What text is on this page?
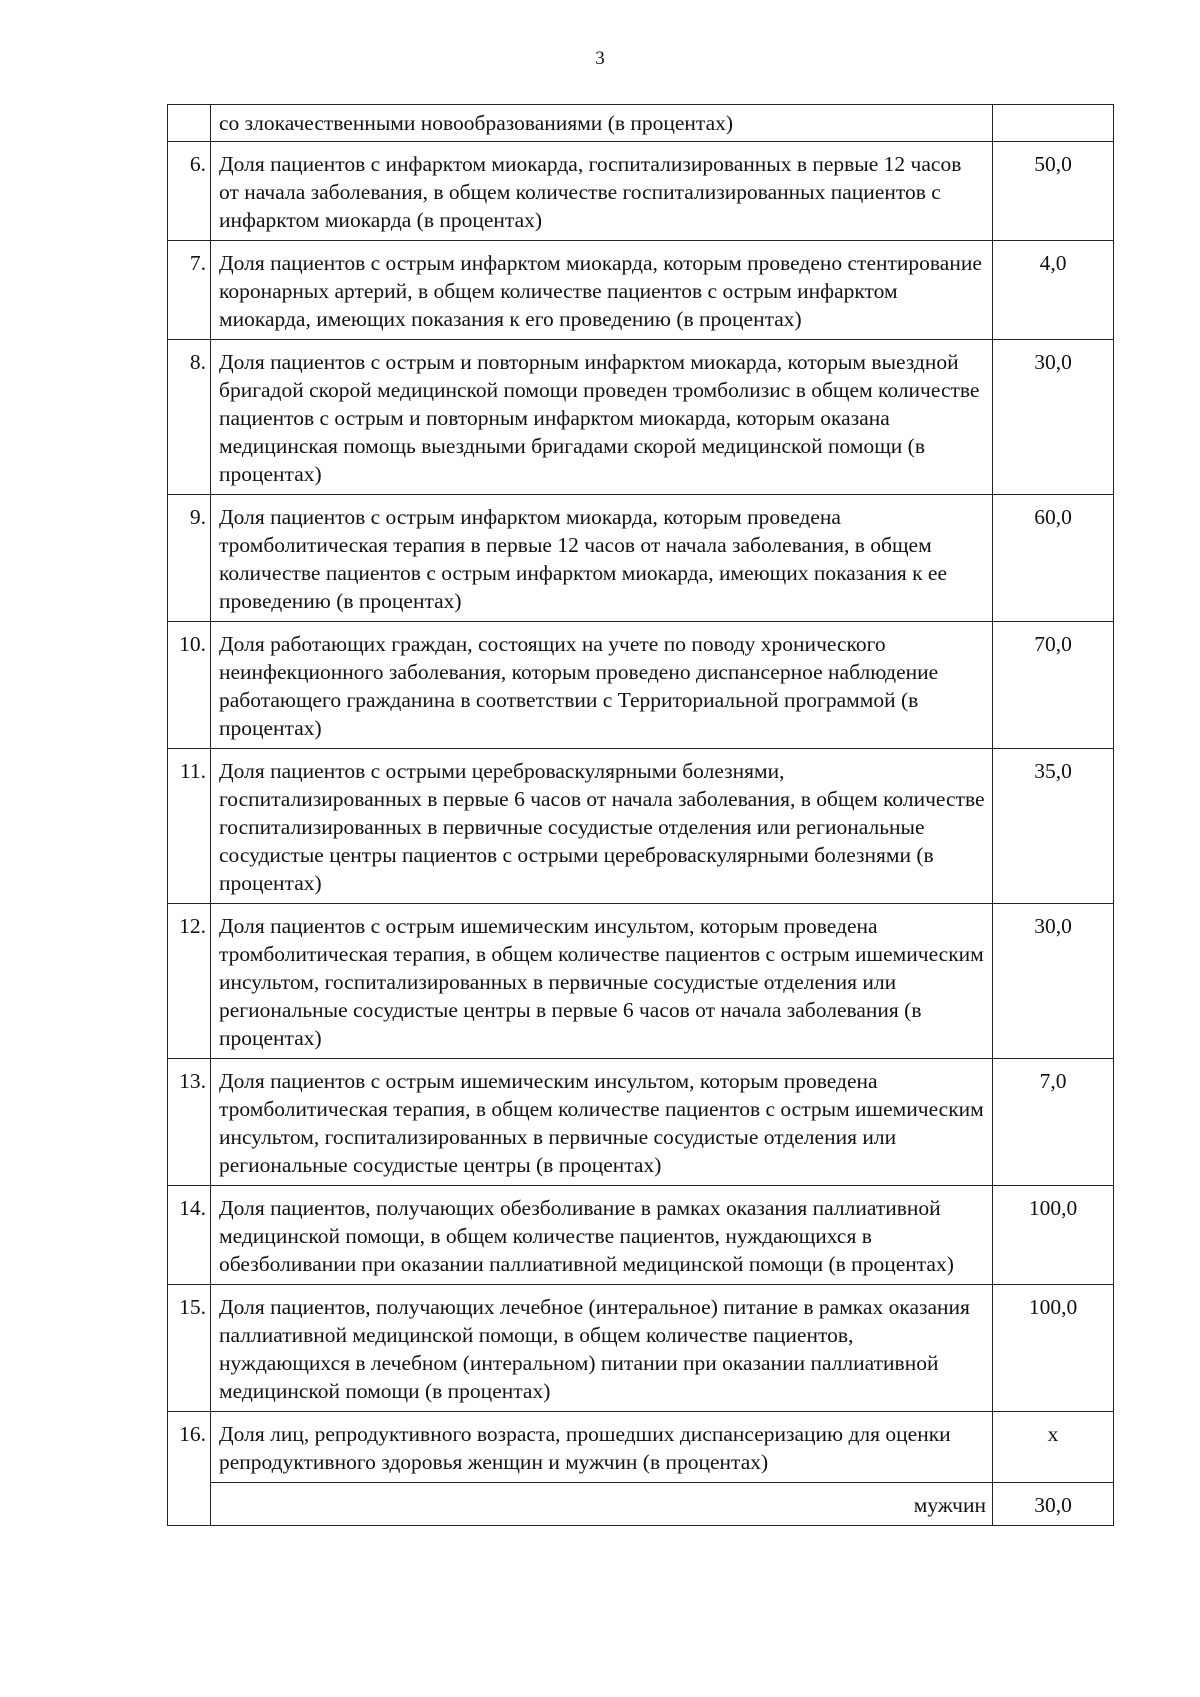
3
	со злокачественными новообразованиями (в процентах)	
6.	Доля пациентов с инфарктом миокарда, госпитализированных в первые 12 часов от начала заболевания, в общем количестве госпитализированных пациентов с инфарктом миокарда (в процентах)	50,0
7.	Доля пациентов с острым инфарктом миокарда, которым проведено стентирование коронарных артерий, в общем количестве пациентов с острым инфарктом миокарда, имеющих показания к его проведению (в процентах)	4,0
8.	Доля пациентов с острым и повторным инфарктом миокарда, которым выездной бригадой скорой медицинской помощи проведен тромболизис в общем количестве пациентов с острым и повторным инфарктом миокарда, которым оказана медицинская помощь выездными бригадами скорой медицинской помощи (в процентах)	30,0
9.	Доля пациентов с острым инфарктом миокарда, которым проведена тромболитическая терапия в первые 12 часов от начала заболевания, в общем количестве пациентов с острым инфарктом миокарда, имеющих показания к ее проведению (в процентах)	60,0
10.	Доля работающих граждан, состоящих на учете по поводу хронического неинфекционного заболевания, которым проведено диспансерное наблюдение работающего гражданина в соответствии с Территориальной программой (в процентах)	70,0
11.	Доля пациентов с острыми цереброваскулярными болезнями, госпитализированных в первые 6 часов от начала заболевания, в общем количестве госпитализированных в первичные сосудистые отделения или региональные сосудистые центры пациентов с острыми цереброваскулярными болезнями (в процентах)	35,0
12.	Доля пациентов с острым ишемическим инсультом, которым проведена тромболитическая терапия, в общем количестве пациентов с острым ишемическим инсультом, госпитализированных в первичные сосудистые отделения или региональные сосудистые центры в первые 6 часов от начала заболевания (в процентах)	30,0
13.	Доля пациентов с острым ишемическим инсультом, которым проведена тромболитическая терапия, в общем количестве пациентов с острым ишемическим инсультом, госпитализированных в первичные сосудистые отделения или региональные сосудистые центры (в процентах)	7,0
14.	Доля пациентов, получающих обезболивание в рамках оказания паллиативной медицинской помощи, в общем количестве пациентов, нуждающихся в обезболивании при оказании паллиативной медицинской помощи (в процентах)	100,0
15.	Доля пациентов, получающих лечебное (интеральное) питание в рамках оказания паллиативной медицинской помощи, в общем количестве пациентов, нуждающихся в лечебном (интеральном) питании при оказании паллиативной медицинской помощи (в процентах)	100,0
16.	Доля лиц, репродуктивного возраста, прошедших диспансеризацию для оценки репродуктивного здоровья женщин и мужчин (в процентах)	х
	мужчин	30,0
